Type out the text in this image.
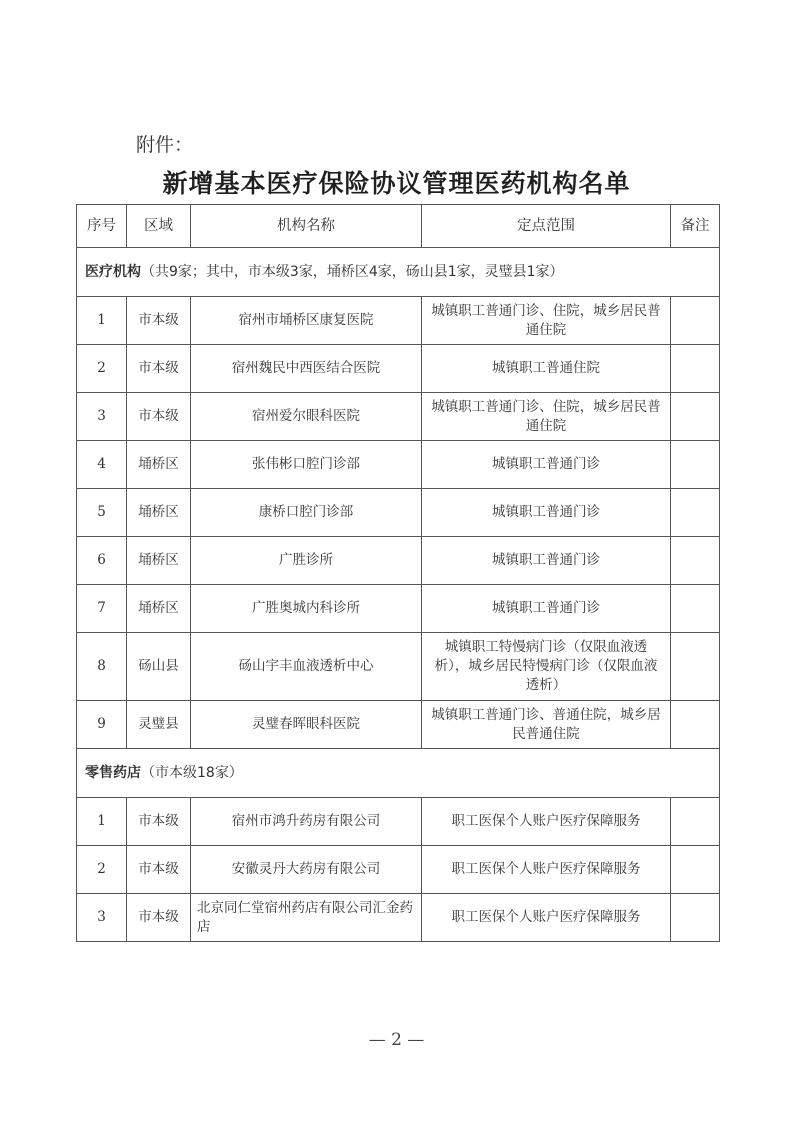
附件：
新增基本医疗保险协议管理医药机构名单
序号	区域	机构名称	定点范围	备注
医疗机构（共9家；其中，市本级3家，埇桥区4家，砀山县1家，灵璧县1家）				
1	市本级	宿州市埇桥区康复医院	城镇职工普通门诊、住院，城乡居民普通住院	
2	市本级	宿州魏民中西医结合医院	城镇职工普通住院	
3	市本级	宿州爱尔眼科医院	城镇职工普通门诊、住院，城乡居民普通住院	
4	埇桥区	张伟彬口腔门诊部	城镇职工普通门诊	
5	埇桥区	康桥口腔门诊部	城镇职工普通门诊	
6	埇桥区	广胜诊所	城镇职工普通门诊	
7	埇桥区	广胜奥城内科诊所	城镇职工普通门诊	
8	砀山县	砀山宇丰血液透析中心	城镇职工特慢病门诊（仅限血液透析），城乡居民特慢病门诊（仅限血液透析）	
9	灵璧县	灵璧春晖眼科医院	城镇职工普通门诊、普通住院，城乡居民普通住院	
零售药店（市本级18家）				
1	市本级	宿州市鸿升药房有限公司	职工医保个人账户医疗保障服务	
2	市本级	安徽灵丹大药房有限公司	职工医保个人账户医疗保障服务	
3	市本级	北京同仁堂宿州药店有限公司汇金药店	职工医保个人账户医疗保障服务	
— 2 —
